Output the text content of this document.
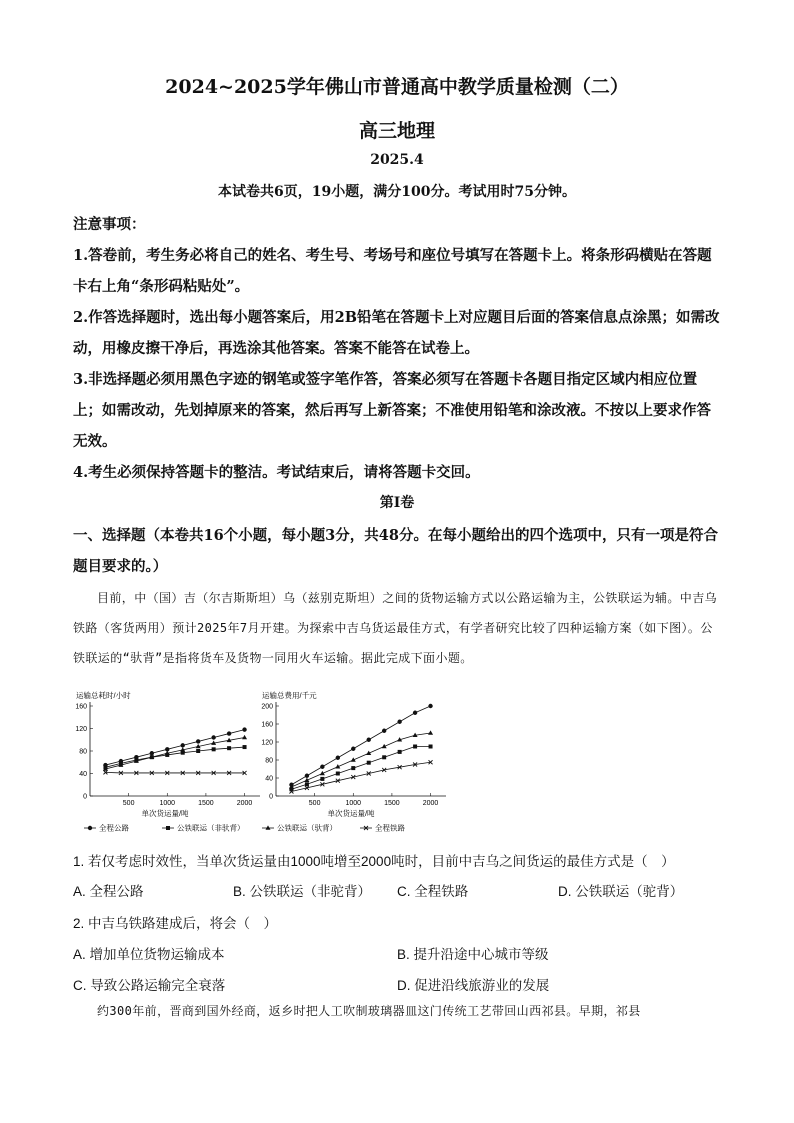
2024~2025学年佛山市普通高中教学质量检测（二）
高三地理
2025.4
本试卷共6页，19小题，满分100分。考试用时75分钟。
注意事项：
1.答卷前，考生务必将自己的姓名、考生号、考场号和座位号填写在答题卡上。将条形码横贴在答题卡右上角“条形码粘贴处”。
2.作答选择题时，选出每小题答案后，用2B铅笔在答题卡上对应题目后面的答案信息点涂黑；如需改动，用橡皮擦干净后，再选涂其他答案。答案不能答在试卷上。
3.非选择题必须用黑色字迹的钢笔或签字笔作答，答案必须写在答题卡各题目指定区域内相应位置上；如需改动，先划掉原来的答案，然后再写上新答案；不准使用铅笔和涂改液。不按以上要求作答无效。
4.考生必须保持答题卡的整洁。考试结束后，请将答题卡交回。
第I卷
一、选择题（本卷共16个小题，每小题3分，共48分。在每小题给出的四个选项中，只有一项是符合题目要求的。）
目前，中（国）吉（尔吉斯斯坦）乌（兹别克斯坦）之间的货物运输方式以公路运输为主，公铁联运为辅。中吉乌铁路（客货两用）预计2025年7月开建。为探索中吉乌货运最佳方式，有学者研究比较了四种运输方案（如下图）。公铁联运的“驮背”是指将货车及货物一同用火车运输。据此完成下面小题。
0
40
80
120
160
500	1000	1500	2000
运输总耗时/小时
单次货运量/吨
0
40
80
120
160
200
500	1000	1500	2000
运输总费用/千元
单次货运量/吨
全程公路	公铁联运（非驮背）	公铁联运（驮背）	全程铁路
1. 若仅考虑时效性，当单次货运量由1000吨增至2000吨时，目前中吉乌之间货运的最佳方式是（　）
A. 全程公路	B. 公铁联运（非驼背） C. 全程铁路	D. 公铁联运（驼背）
2. 中吉乌铁路建成后，将会（　）
A. 增加单位货物运输成本	B. 提升沿途中心城市等级
C. 导致公路运输完全衰落	D. 促进沿线旅游业的发展
约300年前，晋商到国外经商，返乡时把人工吹制玻璃器皿这门传统工艺带回山西祁县。早期，祁县
